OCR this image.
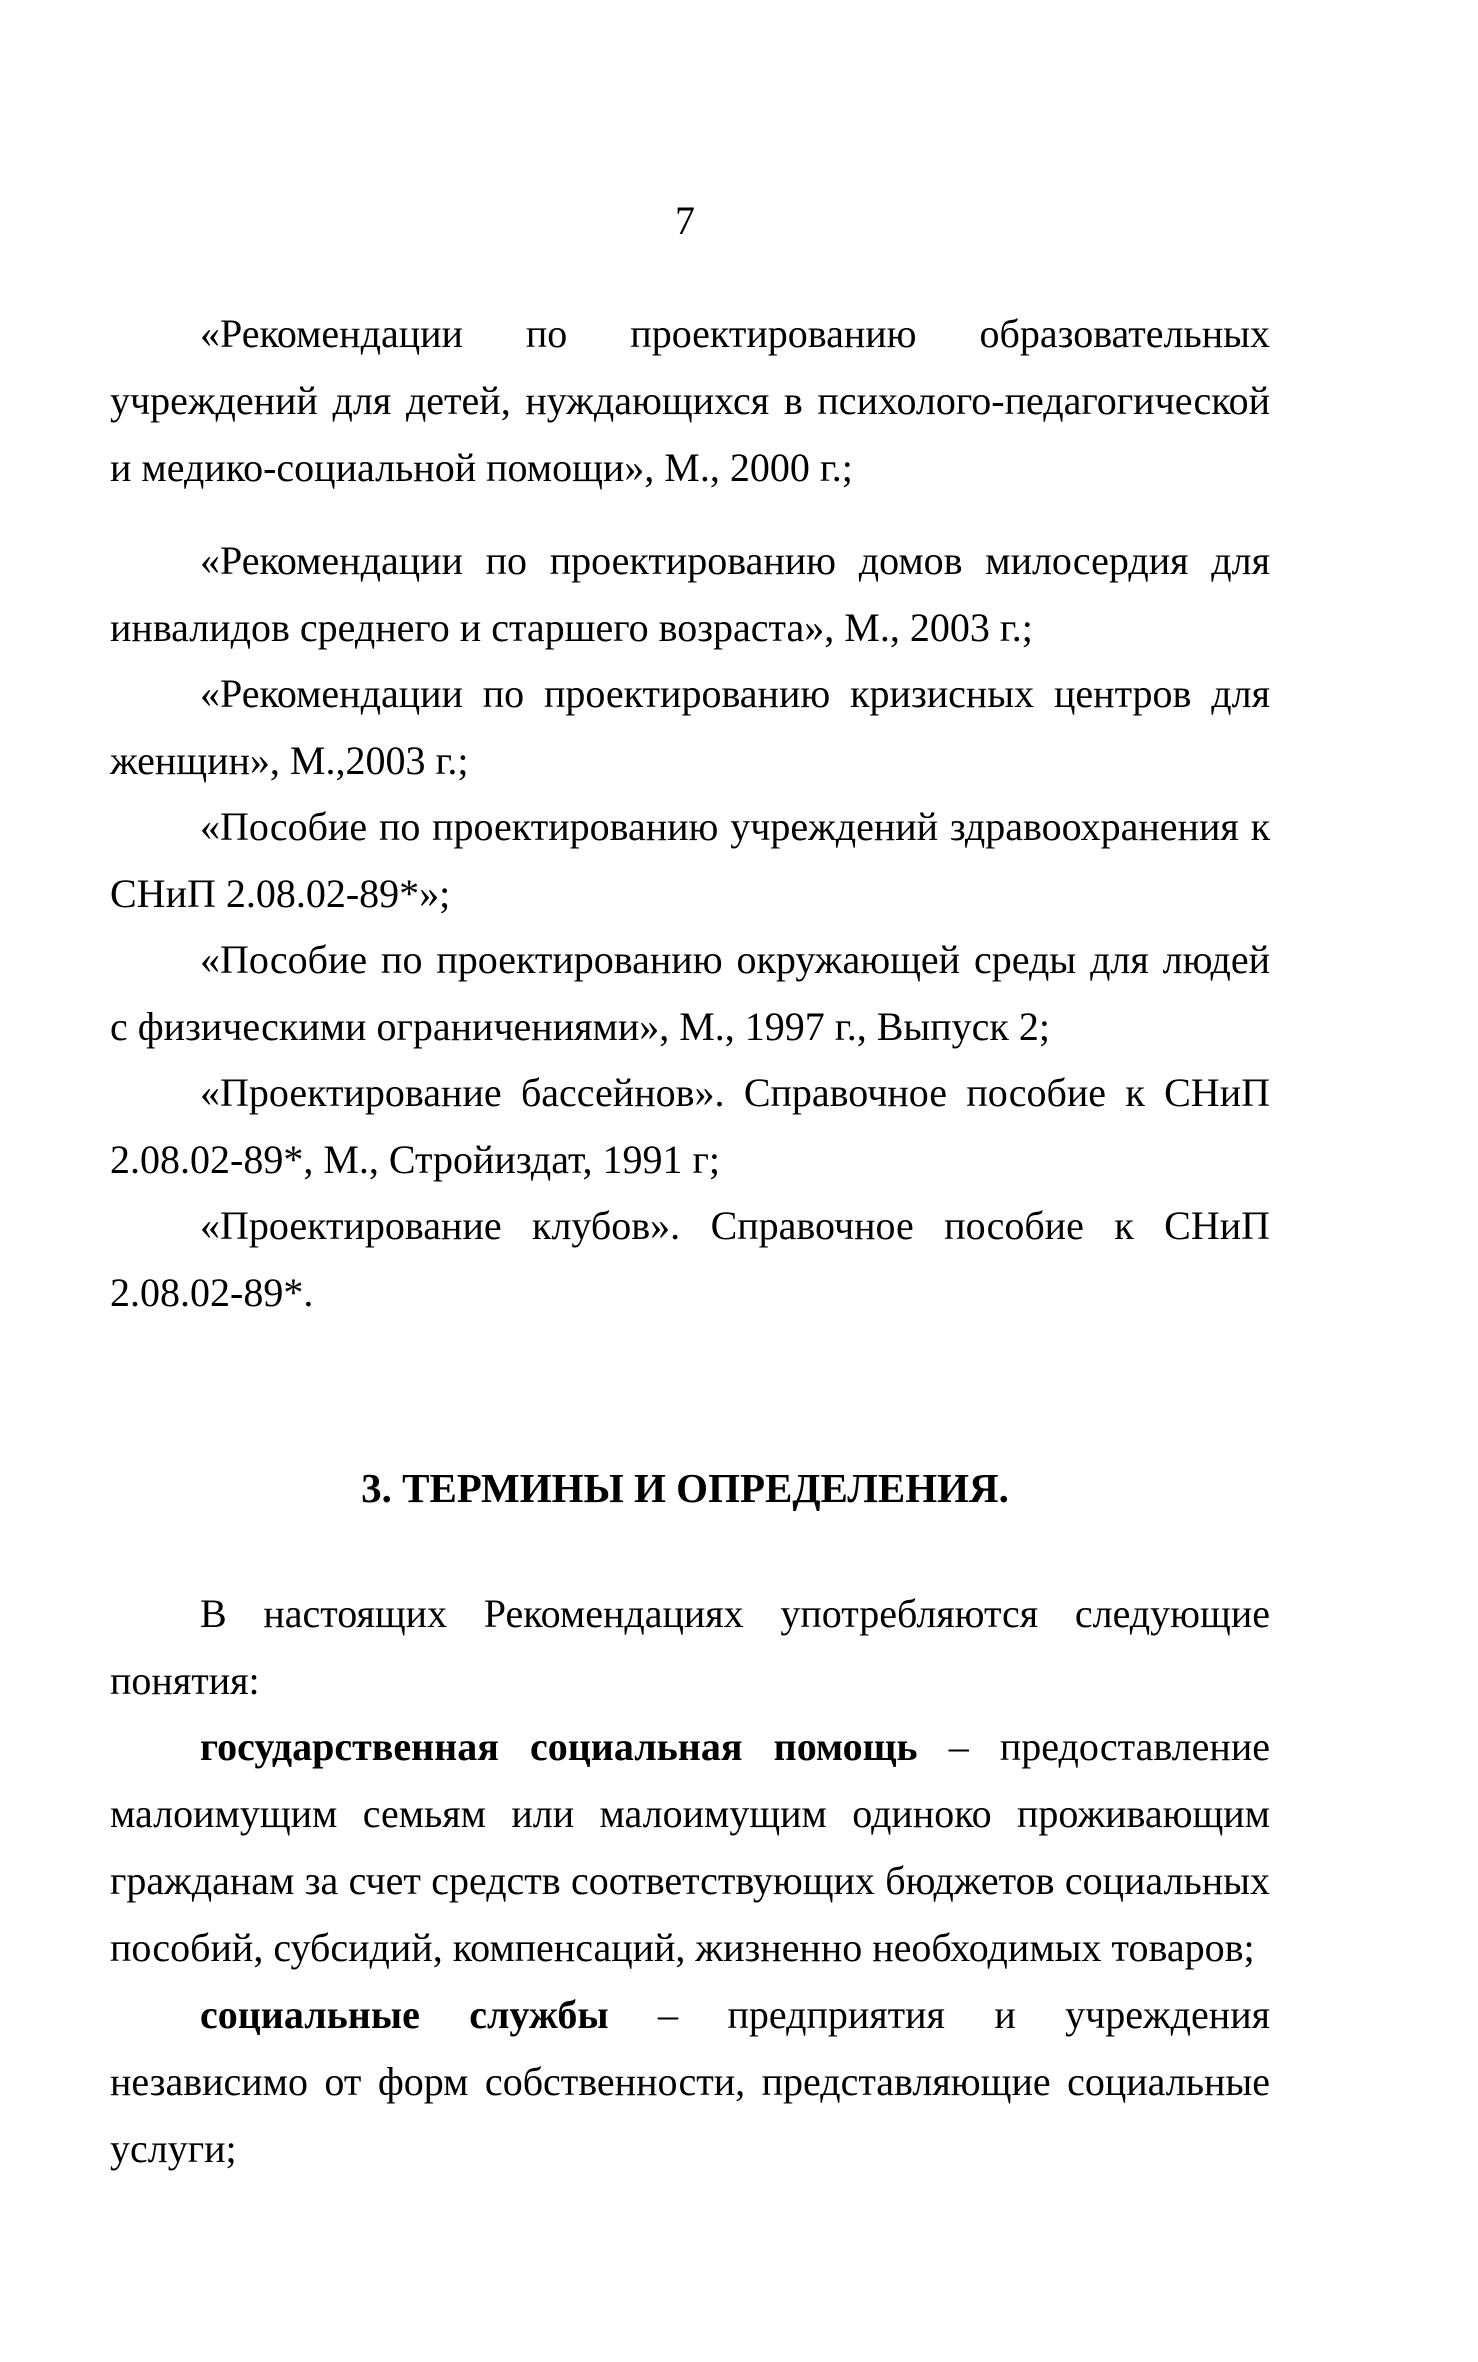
7

«Рекомендации по проектированию образовательных учреждений для детей, нуждающихся в психолого-педагогической и медико-социальной помощи», М., 2000 г.;

«Рекомендации по проектированию домов милосердия для инвалидов среднего и старшего возраста», М., 2003 г.;

«Рекомендации по проектированию кризисных центров для женщин», М.,2003 г.;

«Пособие по проектированию учреждений здравоохранения к СНиП 2.08.02-89*»;

«Пособие по проектированию окружающей среды для людей с физическими ограничениями», М., 1997 г., Выпуск 2;

«Проектирование бассейнов». Справочное пособие к СНиП 2.08.02-89*, М., Стройиздат, 1991 г;

«Проектирование клубов». Справочное пособие к СНиП 2.08.02-89*.

3. ТЕРМИНЫ И ОПРЕДЕЛЕНИЯ.

В настоящих Рекомендациях употребляются следующие понятия:

государственная социальная помощь – предоставление малоимущим семьям или малоимущим одиноко проживающим гражданам за счет средств соответствующих бюджетов социальных пособий, субсидий, компенсаций, жизненно необходимых товаров;

социальные службы – предприятия и учреждения независимо от форм собственности, представляющие социальные услуги;
